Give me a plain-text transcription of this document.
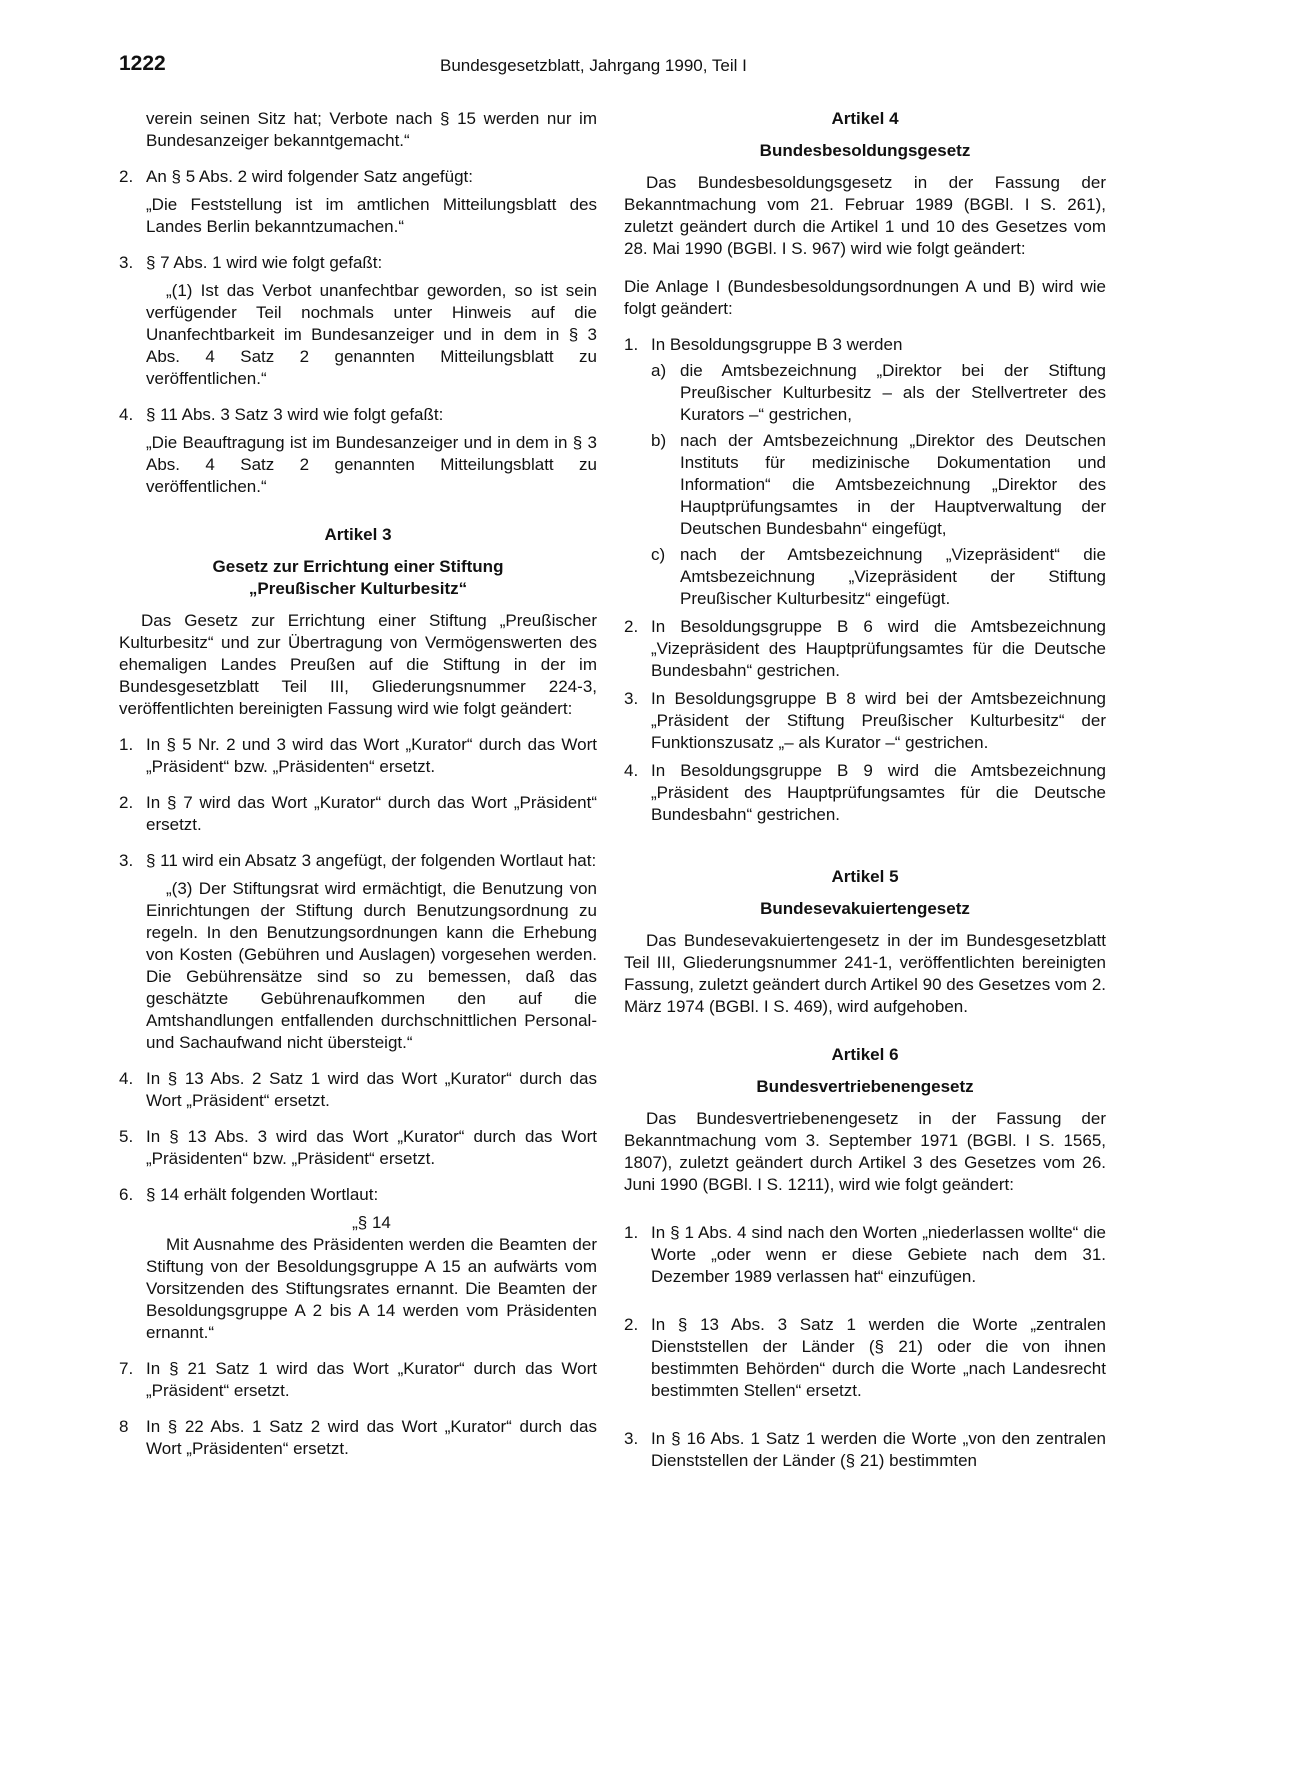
1222	Bundesgesetzblatt, Jahrgang 1990, Teil I

verein seinen Sitz hat; Verbote nach § 15 werden nur im Bundesanzeiger bekanntgemacht.“

2. An § 5 Abs. 2 wird folgender Satz angefügt:

„Die Feststellung ist im amtlichen Mitteilungsblatt des Landes Berlin bekanntzumachen.“

3. § 7 Abs. 1 wird wie folgt gefaßt:

„(1) Ist das Verbot unanfechtbar geworden, so ist sein verfügender Teil nochmals unter Hinweis auf die Unanfechtbarkeit im Bundesanzeiger und in dem in § 3 Abs. 4 Satz 2 genannten Mitteilungsblatt zu veröffentlichen.“

4. § 11 Abs. 3 Satz 3 wird wie folgt gefaßt:

„Die Beauftragung ist im Bundesanzeiger und in dem in § 3 Abs. 4 Satz 2 genannten Mitteilungsblatt zu veröffentlichen.“

Artikel 3

Gesetz zur Errichtung einer Stiftung

„Preußischer Kulturbesitz“

Das Gesetz zur Errichtung einer Stiftung „Preußischer Kulturbesitz“ und zur Übertragung von Vermögenswerten des ehemaligen Landes Preußen auf die Stiftung in der im Bundesgesetzblatt Teil III, Gliederungsnummer 224-3, veröffentlichten bereinigten Fassung wird wie folgt geändert:

1. In § 5 Nr. 2 und 3 wird das Wort „Kurator“ durch das Wort „Präsident“ bzw. „Präsidenten“ ersetzt.

2. In § 7 wird das Wort „Kurator“ durch das Wort „Präsident“ ersetzt.

3. § 11 wird ein Absatz 3 angefügt, der folgenden Wortlaut hat:

„(3) Der Stiftungsrat wird ermächtigt, die Benutzung von Einrichtungen der Stiftung durch Benutzungsordnung zu regeln. In den Benutzungsordnungen kann die Erhebung von Kosten (Gebühren und Auslagen) vorgesehen werden. Die Gebührensätze sind so zu bemessen, daß das geschätzte Gebührenaufkommen den auf die Amtshandlungen entfallenden durchschnittlichen Personal- und Sachaufwand nicht übersteigt.“

4. In § 13 Abs. 2 Satz 1 wird das Wort „Kurator“ durch das Wort „Präsident“ ersetzt.

5. In § 13 Abs. 3 wird das Wort „Kurator“ durch das Wort „Präsidenten“ bzw. „Präsident“ ersetzt.

6. § 14 erhält folgenden Wortlaut:

„§ 14

Mit Ausnahme des Präsidenten werden die Beamten der Stiftung von der Besoldungsgruppe A 15 an aufwärts vom Vorsitzenden des Stiftungsrates ernannt. Die Beamten der Besoldungsgruppe A 2 bis A 14 werden vom Präsidenten ernannt.“

7. In § 21 Satz 1 wird das Wort „Kurator“ durch das Wort „Präsident“ ersetzt.

8 In § 22 Abs. 1 Satz 2 wird das Wort „Kurator“ durch das Wort „Präsidenten“ ersetzt.

Artikel 4

Bundesbesoldungsgesetz

Das Bundesbesoldungsgesetz in der Fassung der Bekanntmachung vom 21. Februar 1989 (BGBl. I S. 261), zuletzt geändert durch die Artikel 1 und 10 des Gesetzes vom 28. Mai 1990 (BGBl. I S. 967) wird wie folgt geändert:

Die Anlage I (Bundesbesoldungsordnungen A und B) wird wie folgt geändert:

1. In Besoldungsgruppe B 3 werden

a) die Amtsbezeichnung „Direktor bei der Stiftung Preußischer Kulturbesitz – als der Stellvertreter des Kurators –“ gestrichen,

b) nach der Amtsbezeichnung „Direktor des Deutschen Instituts für medizinische Dokumentation und Information“ die Amtsbezeichnung „Direktor des Hauptprüfungsamtes in der Hauptverwaltung der Deutschen Bundesbahn“ eingefügt,

c) nach der Amtsbezeichnung „Vizepräsident“ die Amtsbezeichnung „Vizepräsident der Stiftung Preußischer Kulturbesitz“ eingefügt.

2. In Besoldungsgruppe B 6 wird die Amtsbezeichnung „Vizepräsident des Hauptprüfungsamtes für die Deutsche Bundesbahn“ gestrichen.

3. In Besoldungsgruppe B 8 wird bei der Amtsbezeichnung „Präsident der Stiftung Preußischer Kulturbesitz“ der Funktionszusatz „– als Kurator –“ gestrichen.

4. In Besoldungsgruppe B 9 wird die Amtsbezeichnung „Präsident des Hauptprüfungsamtes für die Deutsche Bundesbahn“ gestrichen.

Artikel 5

Bundesevakuiertengesetz

Das Bundesevakuiertengesetz in der im Bundesgesetzblatt Teil III, Gliederungsnummer 241-1, veröffentlichten bereinigten Fassung, zuletzt geändert durch Artikel 90 des Gesetzes vom 2. März 1974 (BGBl. I S. 469), wird aufgehoben.

Artikel 6

Bundesvertriebenengesetz

Das Bundesvertriebenengesetz in der Fassung der Bekanntmachung vom 3. September 1971 (BGBl. I S. 1565, 1807), zuletzt geändert durch Artikel 3 des Gesetzes vom 26. Juni 1990 (BGBl. I S. 1211), wird wie folgt geändert:

1. In § 1 Abs. 4 sind nach den Worten „niederlassen wollte“ die Worte „oder wenn er diese Gebiete nach dem 31. Dezember 1989 verlassen hat“ einzufügen.

2. In § 13 Abs. 3 Satz 1 werden die Worte „zentralen Dienststellen der Länder (§ 21) oder die von ihnen bestimmten Behörden“ durch die Worte „nach Landesrecht bestimmten Stellen“ ersetzt.

3. In § 16 Abs. 1 Satz 1 werden die Worte „von den zentralen Dienststellen der Länder (§ 21) bestimmten
